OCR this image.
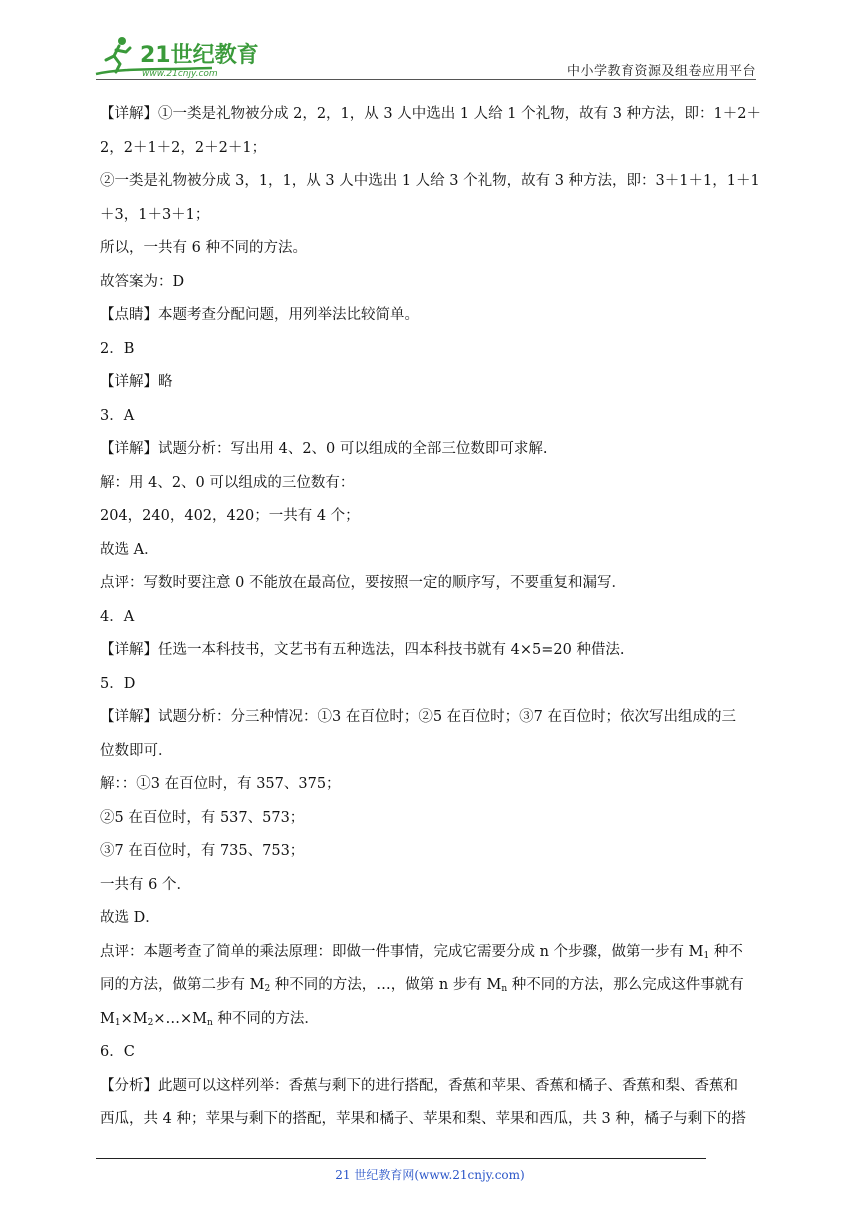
21世纪教育
www.21cnjy.com	中小学教育资源及组卷应用平台
【详解】①一类是礼物被分成 2，2，1，从 3 人中选出 1 人给 1 个礼物，故有 3 种方法，即：1＋2＋
2，2＋1＋2，2＋2＋1；
②一类是礼物被分成 3，1，1，从 3 人中选出 1 人给 3 个礼物，故有 3 种方法，即：3＋1＋1，1＋1
＋3，1＋3＋1；
所以，一共有 6 种不同的方法。
故答案为：D
【点睛】本题考查分配问题，用列举法比较简单。
2．B
【详解】略
3．A
【详解】试题分析：写出用 4、2、0 可以组成的全部三位数即可求解.
解：用 4、2、0 可以组成的三位数有：
204，240，402，420；一共有 4 个；
故选 A．
点评：写数时要注意 0 不能放在最高位，要按照一定的顺序写，不要重复和漏写．
4．A
【详解】任选一本科技书，文艺书有五种选法，四本科技书就有 4×5=20 种借法.
5．D
【详解】试题分析：分三种情况：①3 在百位时；②5 在百位时；③7 在百位时；依次写出组成的三
位数即可．
解：：①3 在百位时，有 357、375；
②5 在百位时，有 537、573；
③7 在百位时，有 735、753；
一共有 6 个．
故选 D．
点评：本题考查了简单的乘法原理：即做一件事情，完成它需要分成 n 个步骤，做第一步有 $M_1$ 种不
同的方法，做第二步有 $M_2$ 种不同的方法，…，做第 n 步有 $M_n$ 种不同的方法，那么完成这件事就有
$M_1\times M_2\times\dots\times M_n$ 种不同的方法．
6．C
【分析】此题可以这样列举：香蕉与剩下的进行搭配，香蕉和苹果、香蕉和橘子、香蕉和梨、香蕉和
西瓜，共 4 种；苹果与剩下的搭配，苹果和橘子、苹果和梨、苹果和西瓜，共 3 种，橘子与剩下的搭
21 世纪教育网(www.21cnjy.com)
